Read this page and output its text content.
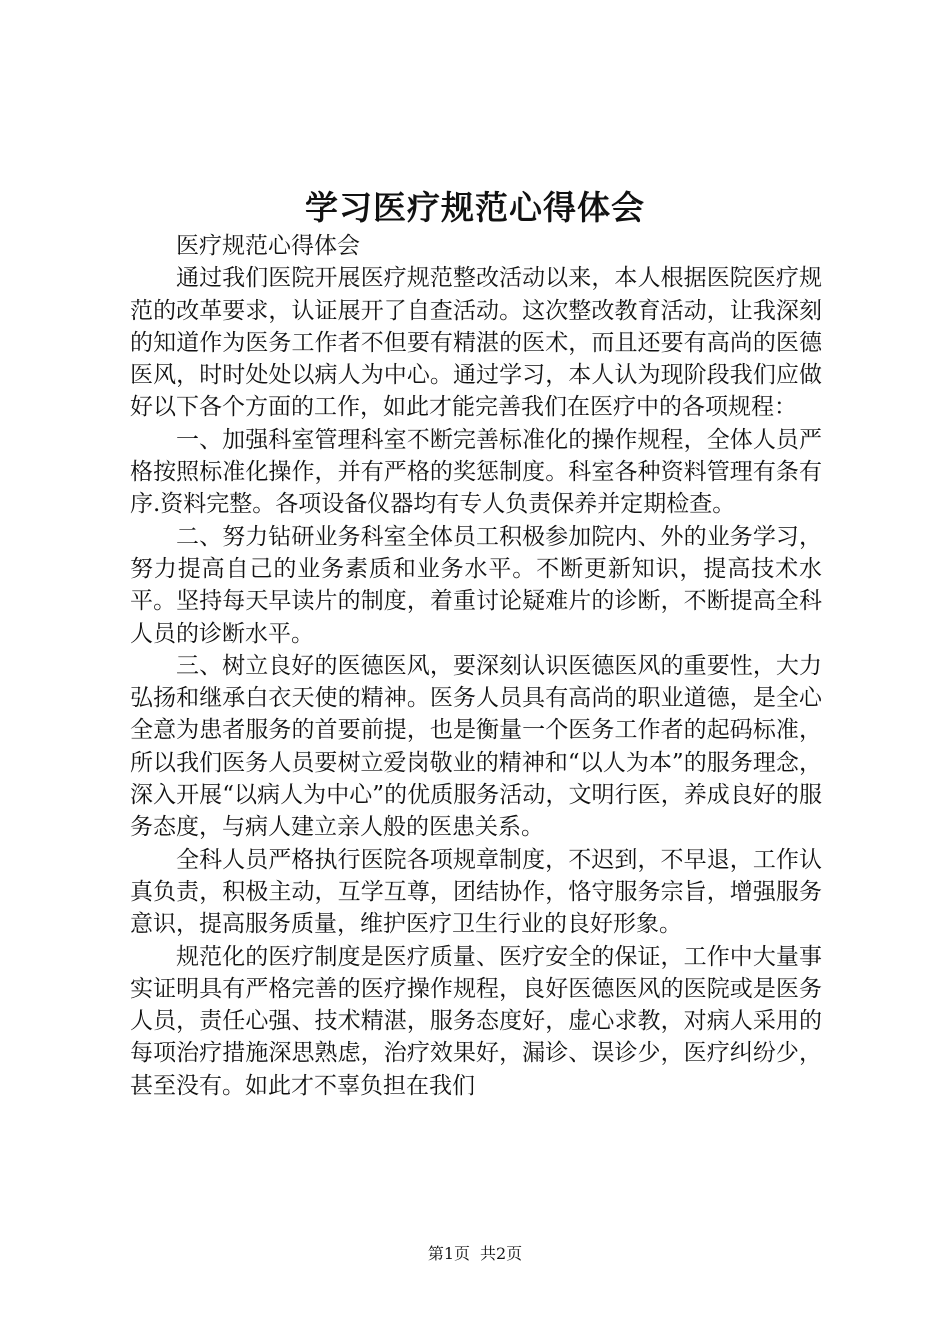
学习医疗规范心得体会

医疗规范心得体会

通过我们医院开展医疗规范整改活动以来，本人根据医院医疗规范的改革要求，认证展开了自查活动。这次整改教育活动，让我深刻的知道作为医务工作者不但要有精湛的医术，而且还要有高尚的医德医风，时时处处以病人为中心。通过学习，本人认为现阶段我们应做好以下各个方面的工作，如此才能完善我们在医疗中的各项规程：

一、加强科室管理科室不断完善标准化的操作规程，全体人员严格按照标准化操作，并有严格的奖惩制度。科室各种资料管理有条有序.资料完整。各项设备仪器均有专人负责保养并定期检查。

二、努力钻研业务科室全体员工积极参加院内、外的业务学习，努力提高自己的业务素质和业务水平。不断更新知识，提高技术水平。坚持每天早读片的制度，着重讨论疑难片的诊断，不断提高全科人员的诊断水平。

三、树立良好的医德医风，要深刻认识医德医风的重要性，大力弘扬和继承白衣天使的精神。医务人员具有高尚的职业道德，是全心全意为患者服务的首要前提，也是衡量一个医务工作者的起码标准，所以我们医务人员要树立爱岗敬业的精神和“以人为本”的服务理念，深入开展“以病人为中心”的优质服务活动，文明行医，养成良好的服务态度，与病人建立亲人般的医患关系。

全科人员严格执行医院各项规章制度，不迟到，不早退，工作认真负责，积极主动，互学互尊，团结协作，恪守服务宗旨，增强服务意识，提高服务质量，维护医疗卫生行业的良好形象。

规范化的医疗制度是医疗质量、医疗安全的保证，工作中大量事实证明具有严格完善的医疗操作规程，良好医德医风的医院或是医务人员，责任心强、技术精湛，服务态度好，虚心求教，对病人采用的每项治疗措施深思熟虑，治疗效果好，漏诊、误诊少，医疗纠纷少，甚至没有。如此才不辜负担在我们

第1页 共2页
